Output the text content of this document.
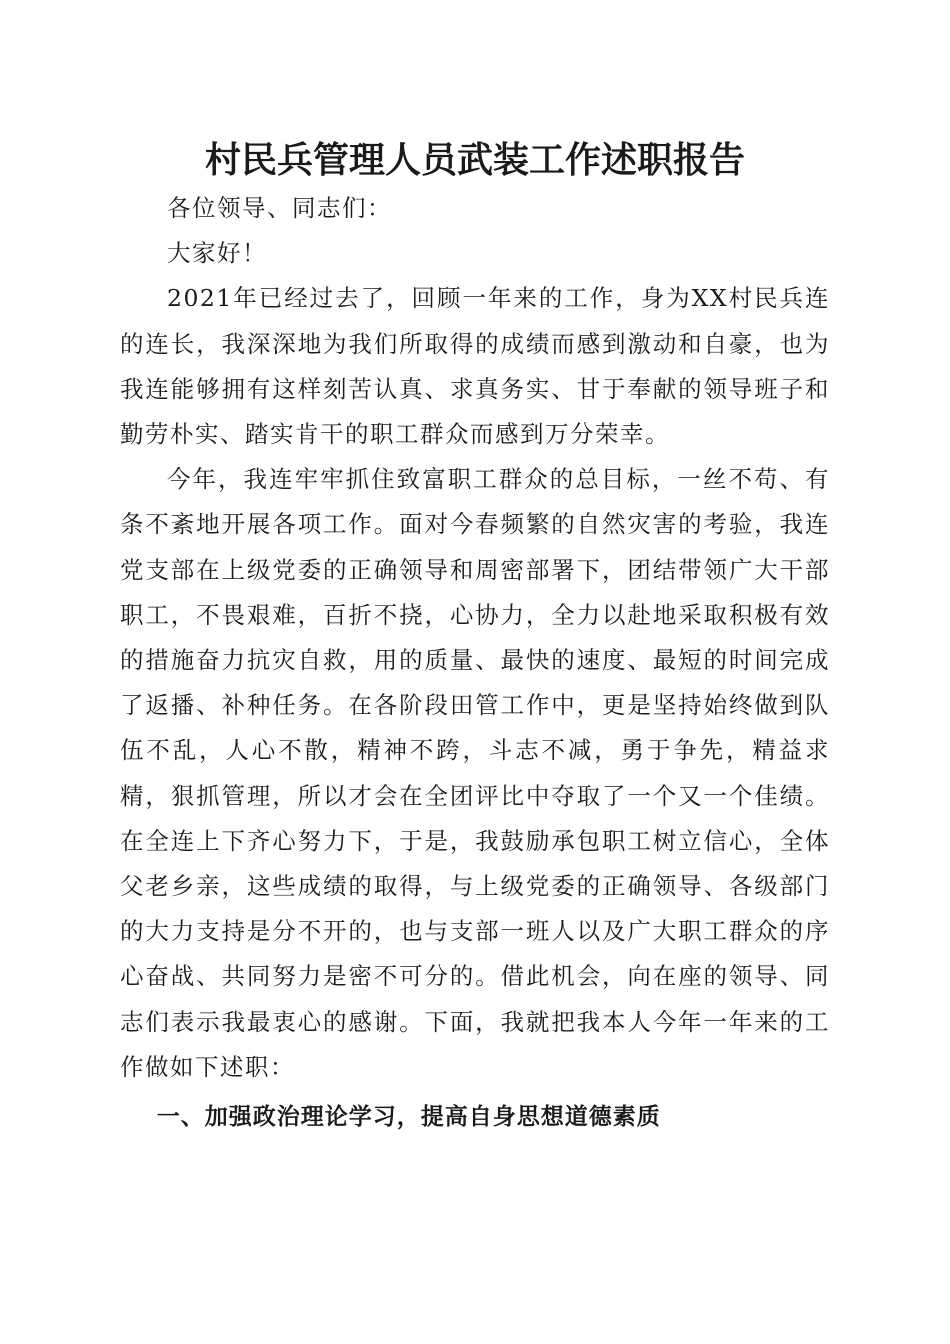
村民兵管理人员武装工作述职报告

各位领导、同志们：

大家好！

2021年已经过去了，回顾一年来的工作，身为XX村民兵连的连长，我深深地为我们所取得的成绩而感到激动和自豪，也为我连能够拥有这样刻苦认真、求真务实、甘于奉献的领导班子和勤劳朴实、踏实肯干的职工群众而感到万分荣幸。

今年，我连牢牢抓住致富职工群众的总目标，一丝不苟、有条不紊地开展各项工作。面对今春频繁的自然灾害的考验，我连党支部在上级党委的正确领导和周密部署下，团结带领广大干部职工，不畏艰难，百折不挠，心协力，全力以赴地采取积极有效的措施奋力抗灾自救，用的质量、最快的速度、最短的时间完成了返播、补种任务。在各阶段田管工作中，更是坚持始终做到队伍不乱，人心不散，精神不跨，斗志不减，勇于争先，精益求精，狠抓管理，所以才会在全团评比中夺取了一个又一个佳绩。在全连上下齐心努力下，于是，我鼓励承包职工树立信心，全体父老乡亲，这些成绩的取得，与上级党委的正确领导、各级部门的大力支持是分不开的，也与支部一班人以及广大职工群众的序心奋战、共同努力是密不可分的。借此机会，向在座的领导、同志们表示我最衷心的感谢。下面，我就把我本人今年一年来的工作做如下述职：

一、加强政治理论学习，提高自身思想道德素质
